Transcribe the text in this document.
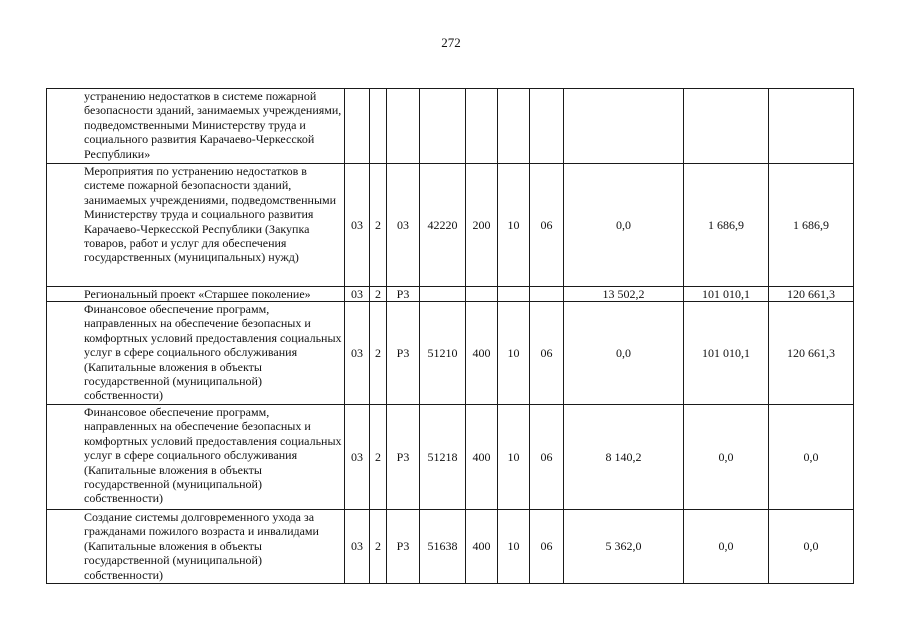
272
устранению недостатков в системе пожарной безопасности зданий, занимаемых учреждениями, подведомственными Министерству труда и социального развития Карачаево-Черкесской Республики»										
Мероприятия по устранению недостатков в системе пожарной безопасности зданий, занимаемых учреждениями, подведомственными Министерству труда и социального развития Карачаево-Черкесской Республики (Закупка товаров, работ и услуг для обеспечения государственных (муниципальных) нужд)	03	2	03	42220	200	10	06	0,0	1 686,9	1 686,9
Региональный проект «Старшее поколение»	03	2	P3					13 502,2	101 010,1	120 661,3
Финансовое обеспечение программ, направленных на обеспечение безопасных и комфортных условий предоставления социальных услуг в сфере социального обслуживания (Капитальные вложения в объекты государственной (муниципальной) собственности)	03	2	P3	51210	400	10	06	0,0	101 010,1	120 661,3
Финансовое обеспечение программ, направленных на обеспечение безопасных и комфортных условий предоставления социальных услуг в сфере социального обслуживания (Капитальные вложения в объекты государственной (муниципальной) собственности)	03	2	P3	51218	400	10	06	8 140,2	0,0	0,0
Создание системы долговременного ухода за гражданами пожилого возраста и инвалидами (Капитальные вложения в объекты государственной (муниципальной) собственности)	03	2	P3	51638	400	10	06	5 362,0	0,0	0,0
